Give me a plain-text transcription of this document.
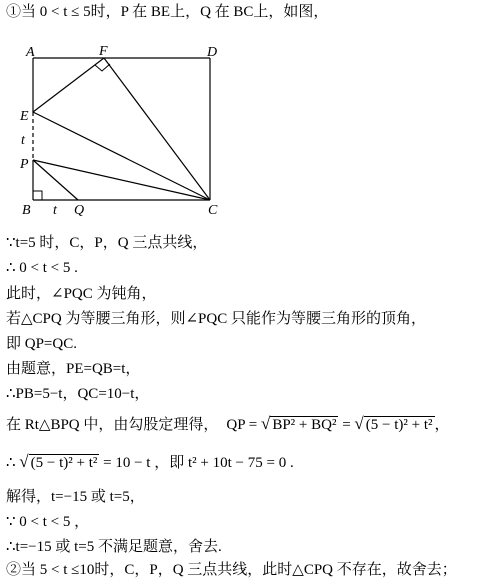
①当 0 < t ≤ 5时，P 在 BE上，Q 在 BC上，如图，
A	F	D
E
t
P
B t Q	C
∵t=5 时，C，P，Q 三点共线，
∴ 0 < t < 5 .
此时，∠PQC 为钝角，
若△CPQ 为等腰三角形，则∠PQC 只能作为等腰三角形的顶角，
即 QP=QC.
由题意，PE=QB=t，
∴PB=5−t，QC=10−t，
在 Rt△BPQ 中，由勾股定理得， QP = √ BP² + BQ² = √ (5 − t)² + t² ，
∴ √ (5 − t)² + t² = 10 − t ，即 t² + 10t − 75 = 0 .
解得，t=−15 或 t=5，
∵ 0 < t < 5 ，
∴t=−15 或 t=5 不满足题意，舍去.
②当 5 < t ≤10时，C，P，Q 三点共线，此时△CPQ 不存在，故舍去；
